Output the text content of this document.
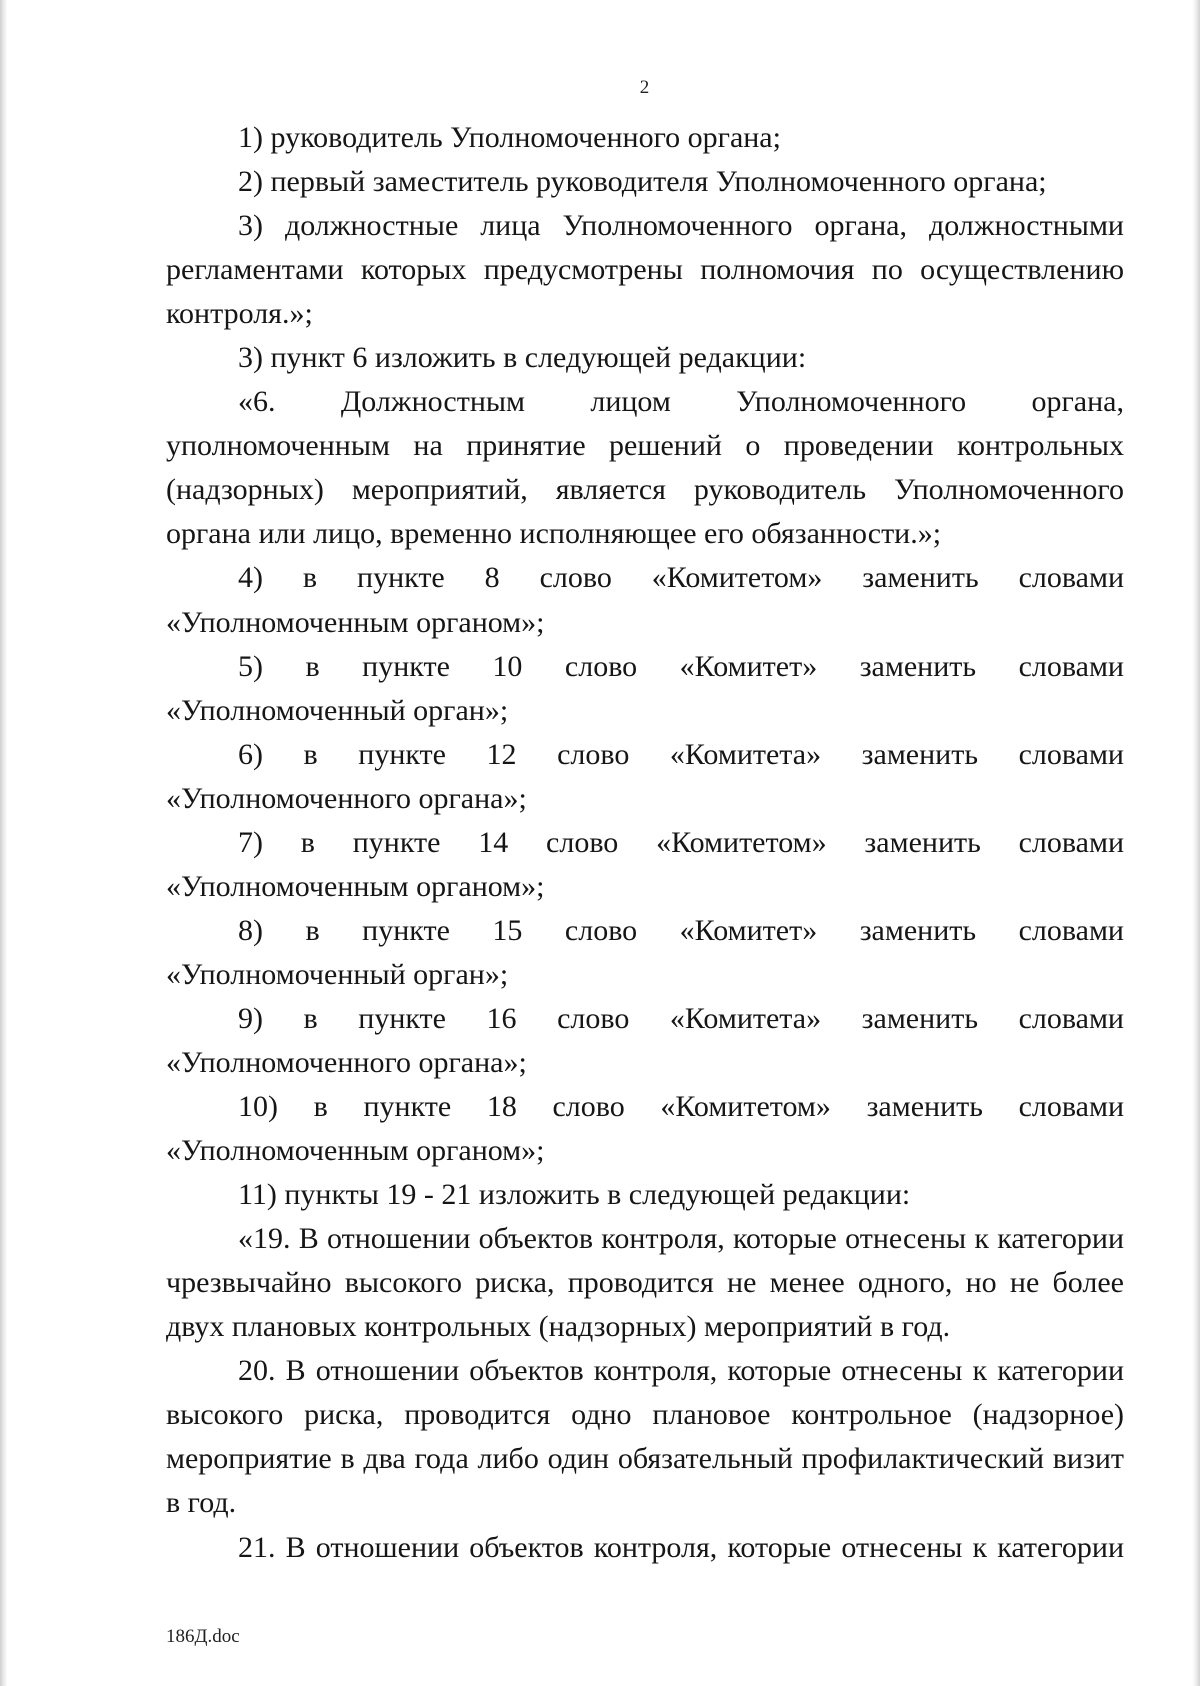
2

1) руководитель Уполномоченного органа;

2) первый заместитель руководителя Уполномоченного органа;

3) должностные лица Уполномоченного органа, должностными регламентами которых предусмотрены полномочия по осуществлению контроля.»;

3) пункт 6 изложить в следующей редакции:

«6. Должностным лицом Уполномоченного органа, уполномоченным на принятие решений о проведении контрольных (надзорных) мероприятий, является руководитель Уполномоченного органа или лицо, временно исполняющее его обязанности.»;

4) в пункте 8 слово «Комитетом» заменить словами «Уполномоченным органом»;

5) в пункте 10 слово «Комитет» заменить словами «Уполномоченный орган»;

6) в пункте 12 слово «Комитета» заменить словами «Уполномоченного органа»;

7) в пункте 14 слово «Комитетом» заменить словами «Уполномоченным органом»;

8) в пункте 15 слово «Комитет» заменить словами «Уполномоченный орган»;

9) в пункте 16 слово «Комитета» заменить словами «Уполномоченного органа»;

10) в пункте 18 слово «Комитетом» заменить словами «Уполномоченным органом»;

11) пункты 19 - 21 изложить в следующей редакции:

«19. В отношении объектов контроля, которые отнесены к категории чрезвычайно высокого риска, проводится не менее одного, но не более двух плановых контрольных (надзорных) мероприятий в год.

20. В отношении объектов контроля, которые отнесены к категории высокого риска, проводится одно плановое контрольное (надзорное) мероприятие в два года либо один обязательный профилактический визит в год.

21. В отношении объектов контроля, которые отнесены к категории

186Д.doc
